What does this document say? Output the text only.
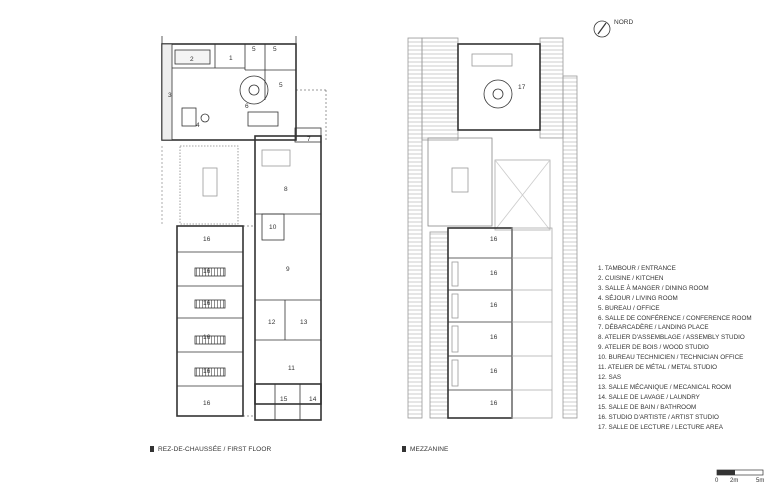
1
2
3
4
5	5
5
6
7
8
10
9
12	13
11
15	14
16
16
16
16
16
16
17
16
16
16
16
16
16
REZ-DE-CHAUSSÉE / FIRST FLOOR	MEZZANINE
NORD
1. TAMBOUR / ENTRANCE
2. CUISINE / KITCHEN
3. SALLE À MANGER / DINING ROOM
4. SÉJOUR / LIVING ROOM
5. BUREAU / OFFICE
6. SALLE DE CONFÉRENCE / CONFERENCE ROOM
7. DÉBARCADÈRE / LANDING PLACE
8. ATELIER D'ASSEMBLAGE / ASSEMBLY STUDIO
9. ATELIER DE BOIS / WOOD STUDIO
10. BUREAU TECHNICIEN / TECHNICIAN OFFICE
11. ATELIER DE MÉTAL / METAL STUDIO
12. SAS
13. SALLE MÉCANIQUE / MECANICAL ROOM
14. SALLE DE LAVAGE / LAUNDRY
15. SALLE DE BAIN / BATHROOM
16. STUDIO D'ARTISTE / ARTIST STUDIO
17. SALLE DE LECTURE / LECTURE AREA
0 2m	5m
